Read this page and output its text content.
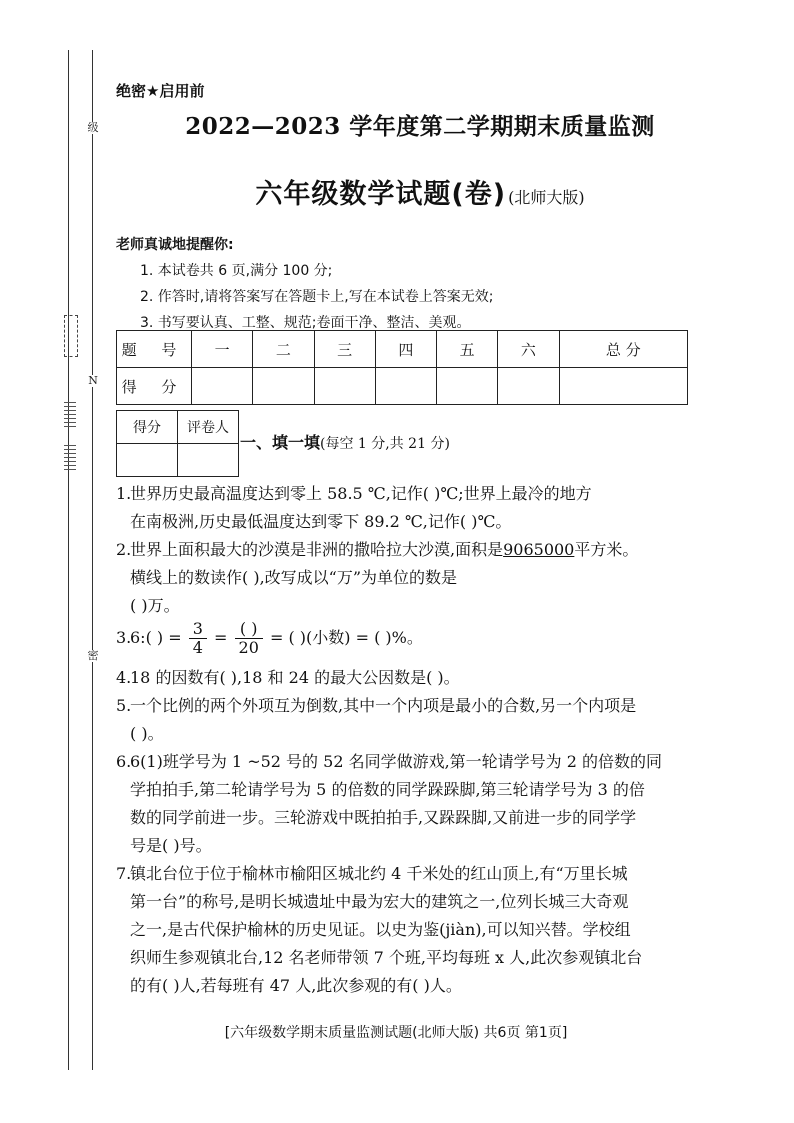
级
N
密
绝密★启用前
2022—2023 学年度第二学期期末质量监测
六年级数学试题(卷) (北师大版)
老师真诚地提醒你:
1. 本试卷共 6 页,满分 100 分;
2. 作答时,请将答案写在答题卡上,写在本试卷上答案无效;
3. 书写要认真、工整、规范;卷面干净、整洁、美观。
题 号	一	二	三	四	五	六	总 分
得 分							
得分	评卷人

一、填一填(每空 1 分,共 21 分)
1.世界历史最高温度达到零上 58.5 ℃,记作( )℃;世界上最冷的地方
在南极洲,历史最低温度达到零下 89.2 ℃,记作( )℃。
2.世界上面积最大的沙漠是非洲的撒哈拉大沙漠,面积是9065000平方米。
横线上的数读作( ),改写成以“万”为单位的数是
( )万。
3.6:( ) = $\frac{3}{4} = \frac{( )}{20}$ = ( )(小数) = ( )%。
4.18 的因数有( ),18 和 24 的最大公因数是( )。
5.一个比例的两个外项互为倒数,其中一个内项是最小的合数,另一个内项是
( )。
6.6(1)班学号为 1 ~52 号的 52 名同学做游戏,第一轮请学号为 2 的倍数的同
学拍拍手,第二轮请学号为 5 的倍数的同学跺跺脚,第三轮请学号为 3 的倍
数的同学前进一步。三轮游戏中既拍拍手,又跺跺脚,又前进一步的同学学
号是( )号。
7.镇北台位于位于榆林市榆阳区城北约 4 千米处的红山顶上,有“万里长城
第一台”的称号,是明长城遗址中最为宏大的建筑之一,位列长城三大奇观
之一,是古代保护榆林的历史见证。以史为鉴(jiàn),可以知兴替。学校组
织师生参观镇北台,12 名老师带领 7 个班,平均每班 x 人,此次参观镇北台
的有( )人,若每班有 47 人,此次参观的有( )人。
[六年级数学期末质量监测试题(北师大版) 共6页 第1页]
